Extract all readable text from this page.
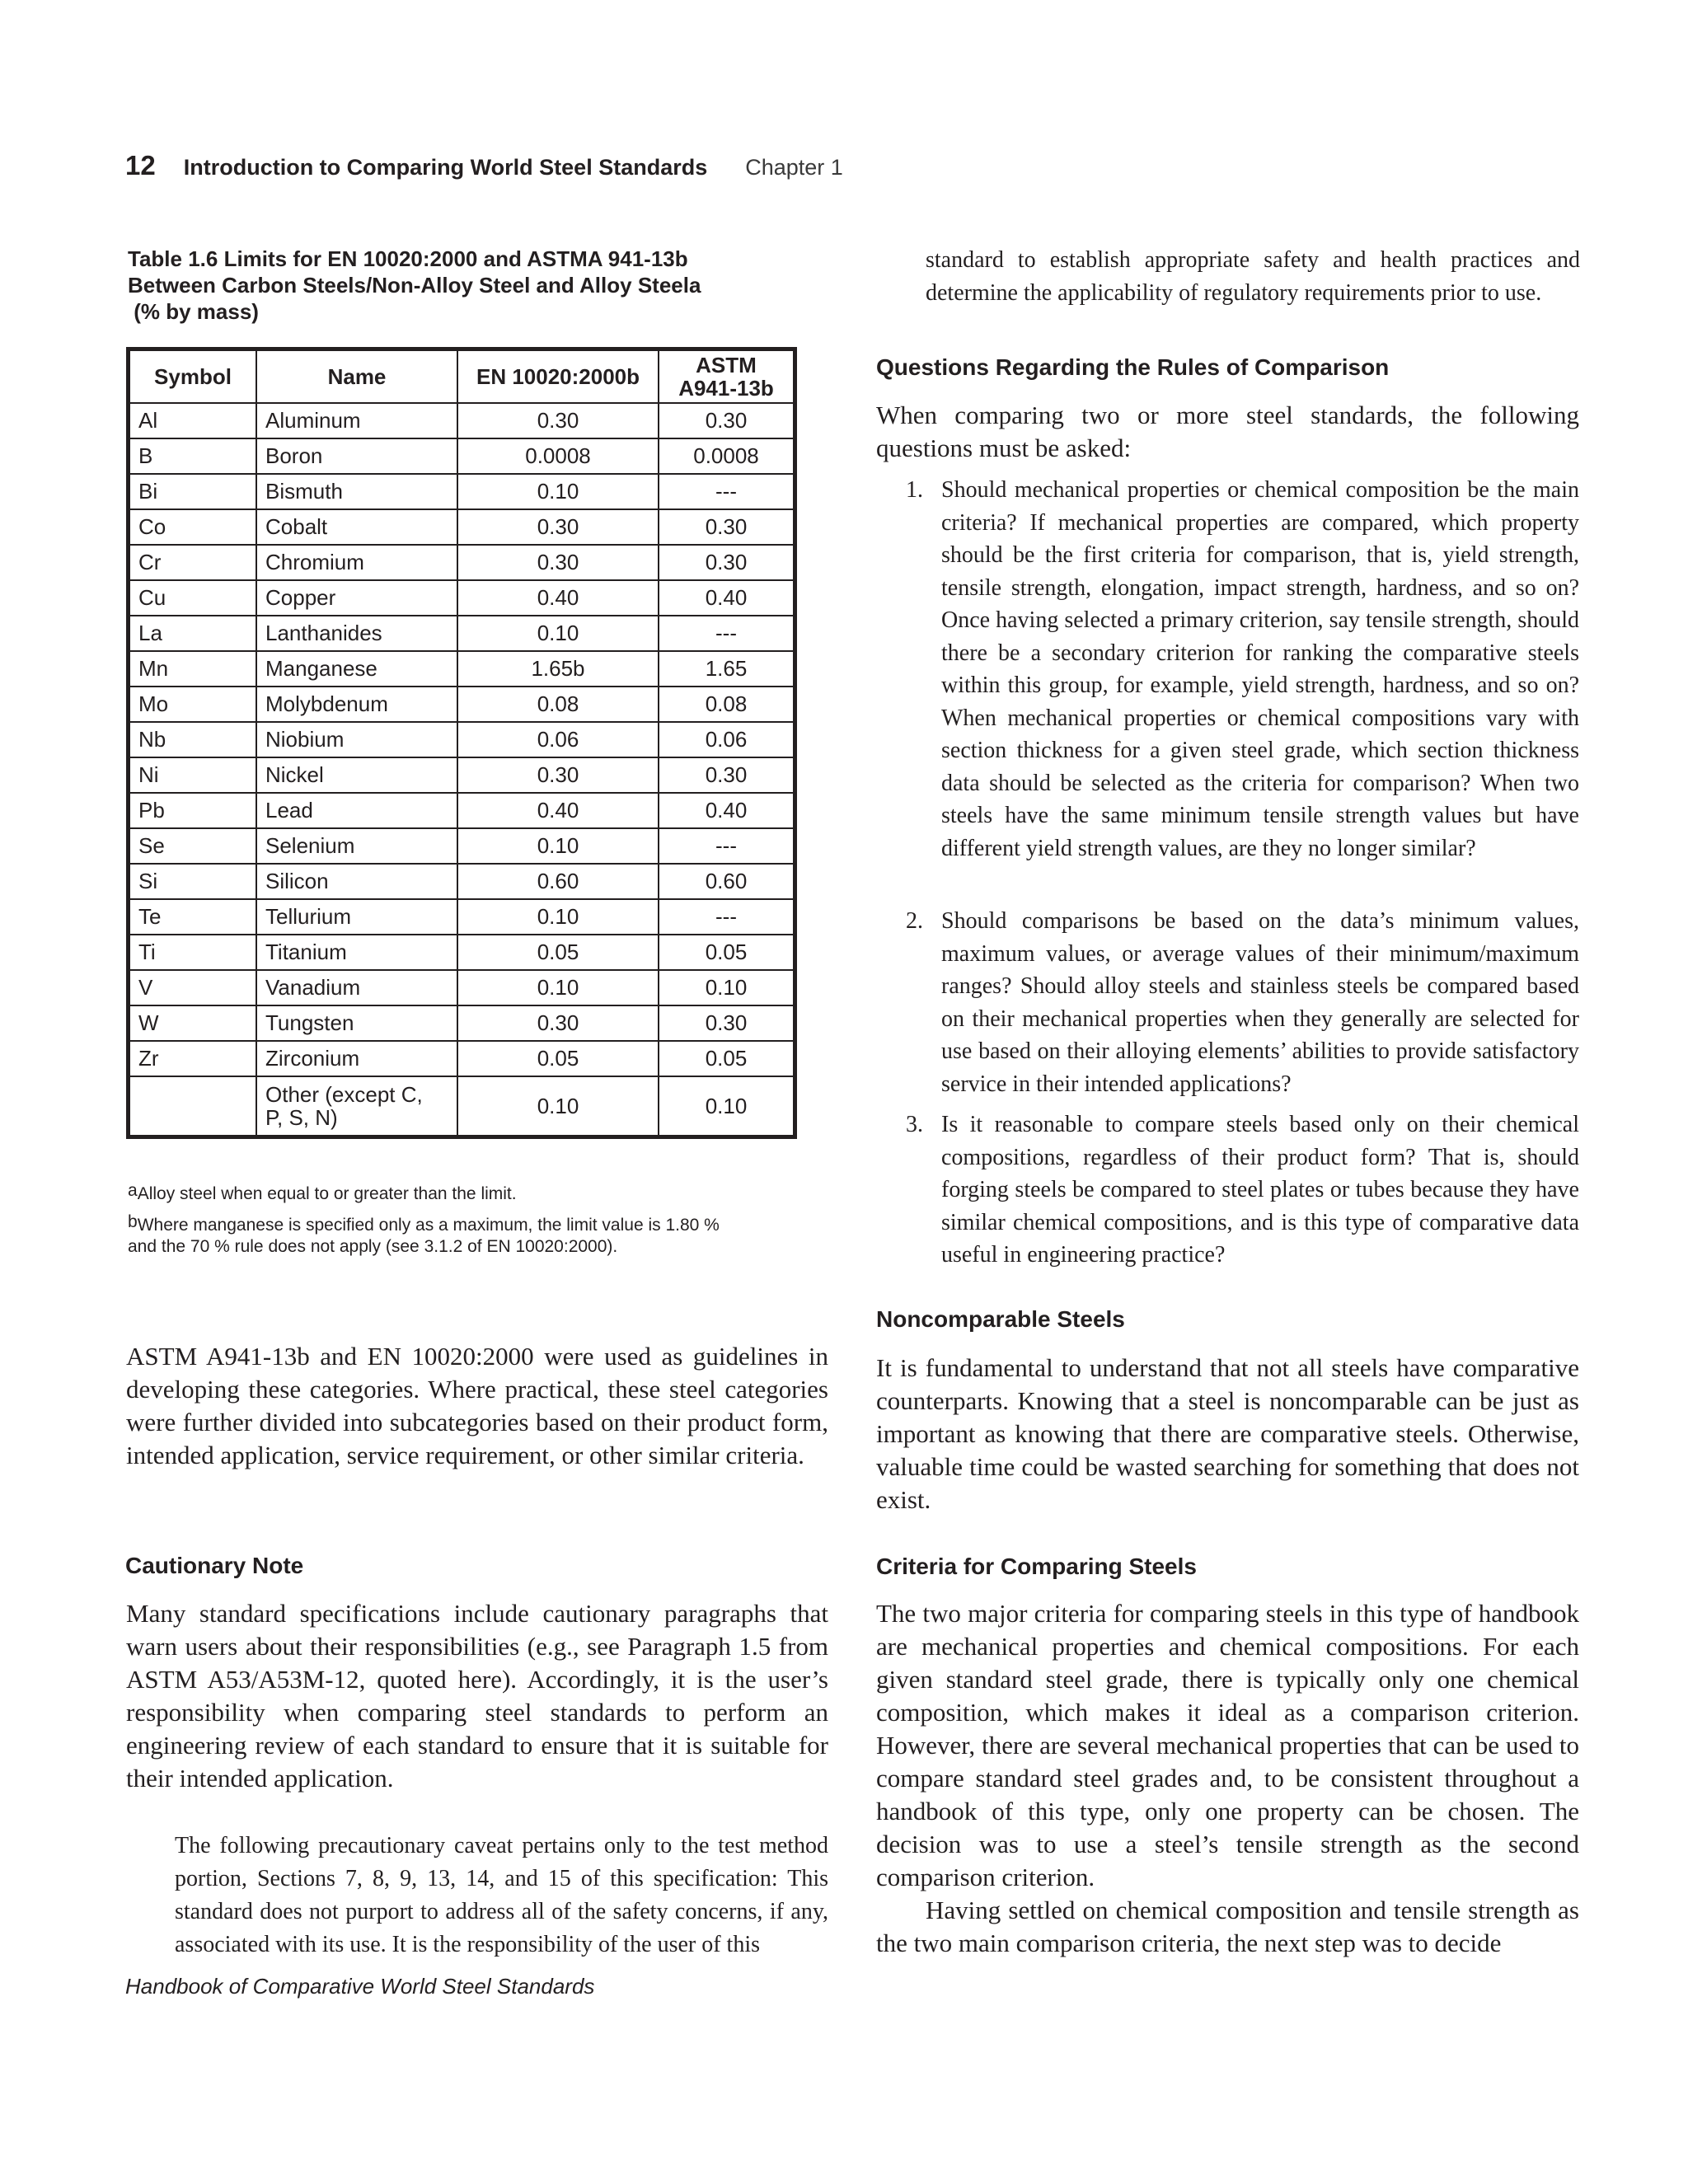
12 Introduction to Comparing World Steel Standards Chapter 1
Table 1.6 Limits for EN 10020:2000 and ASTMA 941-13b
Between Carbon Steels/Non-Alloy Steel and Alloy Steela
(% by mass)
Symbol	Name	EN 10020:2000b	ASTM
A941-13b
Al	Aluminum	0.30	0.30
B	Boron	0.0008	0.0008
Bi	Bismuth	0.10	---
Co	Cobalt	0.30	0.30
Cr	Chromium	0.30	0.30
Cu	Copper	0.40	0.40
La	Lanthanides	0.10	---
Mn	Manganese	1.65b	1.65
Mo	Molybdenum	0.08	0.08
Nb	Niobium	0.06	0.06
Ni	Nickel	0.30	0.30
Pb	Lead	0.40	0.40
Se	Selenium	0.10	---
Si	Silicon	0.60	0.60
Te	Tellurium	0.10	---
Ti	Titanium	0.05	0.05
V	Vanadium	0.10	0.10
W	Tungsten	0.30	0.30
Zr	Zirconium	0.05	0.05
	Other (except C,
P, S, N)	0.10	0.10
$^a$Alloy steel when equal to or greater than the limit.
$^b$Where manganese is specified only as a maximum, the limit value is 1.80 %
and the 70 % rule does not apply (see 3.1.2 of EN 10020:2000).
ASTM A941-13b and EN 10020:2000 were used as guidelines in developing these categories. Where practical, these steel categories were further divided into subcategories based on their product form, intended application, service requirement, or other similar criteria.
Cautionary Note
Many standard specifications include cautionary paragraphs that warn users about their responsibilities (e.g., see Paragraph 1.5 from ASTM A53/A53M-12, quoted here). Accordingly, it is the user’s responsibility when comparing steel standards to perform an engineering review of each standard to ensure that it is suitable for their intended application.
The following precautionary caveat pertains only to the test method portion, Sections 7, 8, 9, 13, 14, and 15 of this specification: This standard does not purport to address all of the safety concerns, if any, associated with its use. It is the responsibility of the user of this
standard to establish appropriate safety and health practices and determine the applicability of regulatory requirements prior to use.
Questions Regarding the Rules of Comparison
When comparing two or more steel standards, the following questions must be asked:
1. Should mechanical properties or chemical composition be the main criteria? If mechanical properties are compared, which property should be the first criteria for comparison, that is, yield strength, tensile strength, elongation, impact strength, hardness, and so on? Once having selected a primary criterion, say tensile strength, should there be a secondary criterion for ranking the comparative steels within this group, for example, yield strength, hardness, and so on? When mechanical properties or chemical compositions vary with section thickness for a given steel grade, which section thickness data should be selected as the criteria for comparison? When two steels have the same minimum tensile strength values but have different yield strength values, are they no longer similar?
2. Should comparisons be based on the data’s minimum values, maximum values, or average values of their minimum/maximum ranges? Should alloy steels and stainless steels be compared based on their mechanical properties when they generally are selected for use based on their alloying elements’ abilities to provide satisfactory service in their intended applications?
3. Is it reasonable to compare steels based only on their chemical compositions, regardless of their product form? That is, should forging steels be compared to steel plates or tubes because they have similar chemical compositions, and is this type of comparative data useful in engineering practice?
Noncomparable Steels
It is fundamental to understand that not all steels have comparative counterparts. Knowing that a steel is noncomparable can be just as important as knowing that there are comparative steels. Otherwise, valuable time could be wasted searching for something that does not exist.
Criteria for Comparing Steels
The two major criteria for comparing steels in this type of handbook are mechanical properties and chemical compositions. For each given standard steel grade, there is typically only one chemical composition, which makes it ideal as a comparison criterion. However, there are several mechanical properties that can be used to compare standard steel grades and, to be consistent throughout a handbook of this type, only one property can be chosen. The decision was to use a steel’s tensile strength as the second comparison criterion.
Having settled on chemical composition and tensile strength as the two main comparison criteria, the next step was to decide
Handbook of Comparative World Steel Standards
